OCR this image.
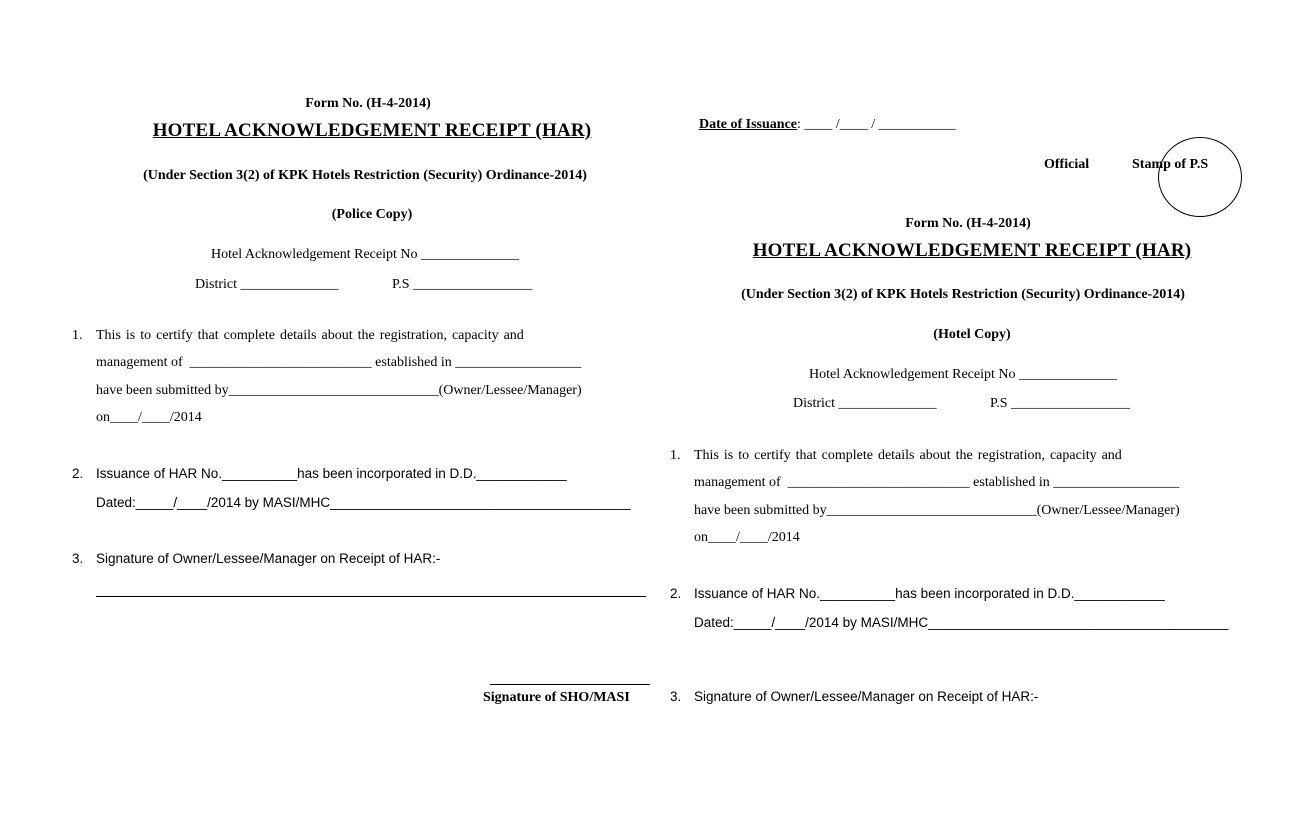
Form No. (H-4-2014)
HOTEL ACKNOWLEDGEMENT RECEIPT (HAR)
(Under Section 3(2) of KPK Hotels Restriction (Security) Ordinance-2014)
(Police Copy)
Hotel Acknowledgement Receipt No ______________
District ______________	P.S _________________
1. This is to certify that complete details about the registration, capacity and
management of  __________________________ established in __________________
have been submitted by______________________________(Owner/Lessee/Manager)
on____/____/2014
2. Issuance of HAR No.__________has been incorporated in D.D.____________
Dated:_____/____/2014 by MASI/MHC________________________________________
3. Signature of Owner/Lessee/Manager on Receipt of HAR:-
Signature of SHO/MASI
Date of Issuance: ____ /____ / ___________
Official	Stamp of P.S
Form No. (H-4-2014)
HOTEL ACKNOWLEDGEMENT RECEIPT (HAR)
(Under Section 3(2) of KPK Hotels Restriction (Security) Ordinance-2014)
(Hotel Copy)
Hotel Acknowledgement Receipt No ______________
District ______________	P.S _________________
1. This is to certify that complete details about the registration, capacity and
management of  __________________________ established in __________________
have been submitted by______________________________(Owner/Lessee/Manager)
on____/____/2014
2. Issuance of HAR No.__________has been incorporated in D.D.____________
Dated:_____/____/2014 by MASI/MHC________________________________________
3. Signature of Owner/Lessee/Manager on Receipt of HAR:-
